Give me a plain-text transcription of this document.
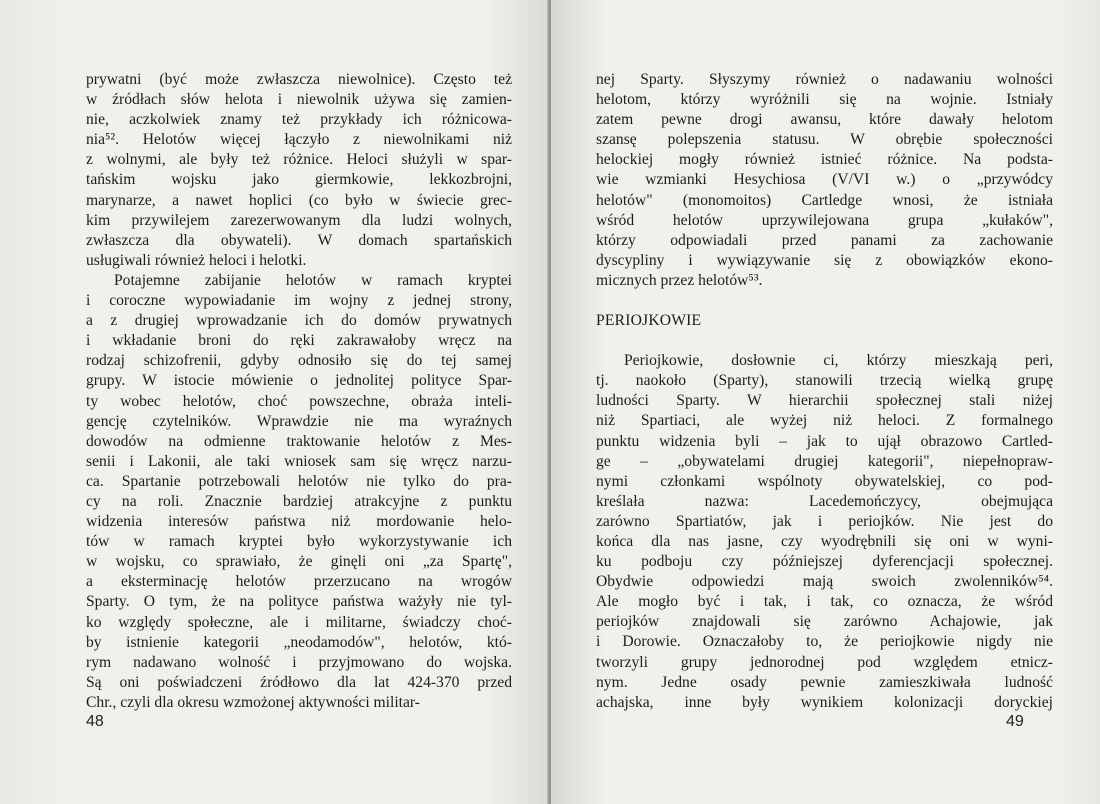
prywatni (być może zwłaszcza niewolnice). Często też
w źródłach słów helota i niewolnik używa się zamien-
nie, aczkolwiek znamy też przykłady ich różnicowa-
nia⁵². Helotów więcej łączyło z niewolnikami niż
z wolnymi, ale były też różnice. Heloci służyli w spar-
tańskim wojsku jako giermkowie, lekkozbrojni,
marynarze, a nawet hoplici (co było w świecie grec-
kim przywilejem zarezerwowanym dla ludzi wolnych,
zwłaszcza dla obywateli). W domach spartańskich
usługiwali również heloci i helotki.
Potajemne zabijanie helotów w ramach kryptei
i coroczne wypowiadanie im wojny z jednej strony,
a z drugiej wprowadzanie ich do domów prywatnych
i wkładanie broni do ręki zakrawałoby wręcz na
rodzaj schizofrenii, gdyby odnosiło się do tej samej
grupy. W istocie mówienie o jednolitej polityce Spar-
ty wobec helotów, choć powszechne, obraża inteli-
gencję czytelników. Wprawdzie nie ma wyraźnych
dowodów na odmienne traktowanie helotów z Mes-
senii i Lakonii, ale taki wniosek sam się wręcz narzu-
ca. Spartanie potrzebowali helotów nie tylko do pra-
cy na roli. Znacznie bardziej atrakcyjne z punktu
widzenia interesów państwa niż mordowanie helo-
tów w ramach kryptei było wykorzystywanie ich
w wojsku, co sprawiało, że ginęli oni „za Spartę",
a eksterminację helotów przerzucano na wrogów
Sparty. O tym, że na polityce państwa ważyły nie tyl-
ko względy społeczne, ale i militarne, świadczy choć-
by istnienie kategorii „neodamodów", helotów, któ-
rym nadawano wolność i przyjmowano do wojska.
Są oni poświadczeni źródłowo dla lat 424-370 przed
Chr., czyli dla okresu wzmożonej aktywności militar-
48
nej Sparty. Słyszymy również o nadawaniu wolności
helotom, którzy wyróżnili się na wojnie. Istniały
zatem pewne drogi awansu, które dawały helotom
szansę polepszenia statusu. W obrębie społeczności
helockiej mogły również istnieć różnice. Na podsta-
wie wzmianki Hesychiosa (V/VI w.) o „przywódcy
helotów" (monomoitos) Cartledge wnosi, że istniała
wśród helotów uprzywilejowana grupa „kułaków",
którzy odpowiadali przed panami za zachowanie
dyscypliny i wywiązywanie się z obowiązków ekono-
micznych przez helotów⁵³.
PERIOJKOWIE
Periojkowie, dosłownie ci, którzy mieszkają peri,
tj. naokoło (Sparty), stanowili trzecią wielką grupę
ludności Sparty. W hierarchii społecznej stali niżej
niż Spartiaci, ale wyżej niż heloci. Z formalnego
punktu widzenia byli – jak to ujął obrazowo Cartled-
ge – „obywatelami drugiej kategorii", niepełnopraw-
nymi członkami wspólnoty obywatelskiej, co pod-
kreślała nazwa: Lacedemończycy, obejmująca
zarówno Spartiatów, jak i periojków. Nie jest do
końca dla nas jasne, czy wyodrębnili się oni w wyni-
ku podboju czy późniejszej dyferencjacji społecznej.
Obydwie odpowiedzi mają swoich zwolenników⁵⁴.
Ale mogło być i tak, i tak, co oznacza, że wśród
periojków znajdowali się zarówno Achajowie, jak
i Dorowie. Oznaczałoby to, że periojkowie nigdy nie
tworzyli grupy jednorodnej pod względem etnicz-
nym. Jedne osady pewnie zamieszkiwała ludność
achajska, inne były wynikiem kolonizacji doryckiej
49
